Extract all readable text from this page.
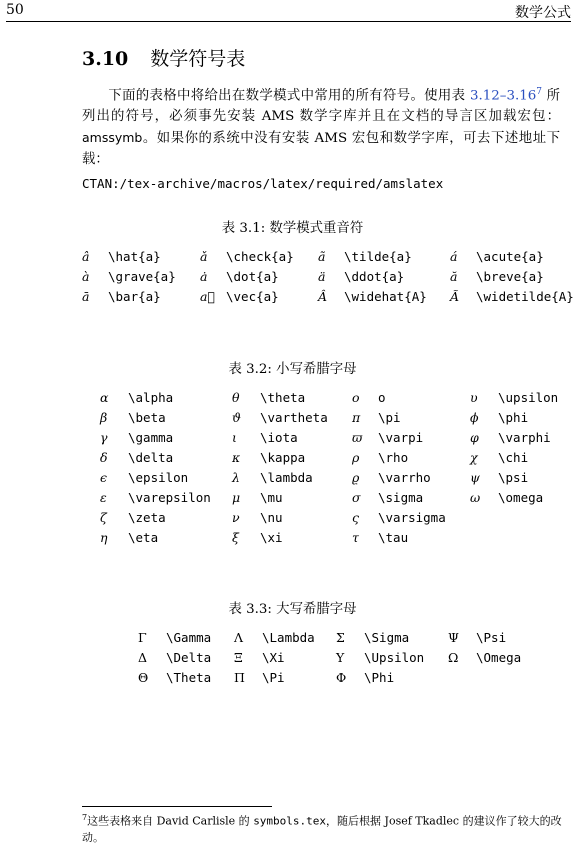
50	数学公式
3.10 数学符号表
下面的表格中将给出在数学模式中常用的所有符号。使用表 3.12–3.16$^7$ 所列出的符号，必须事先安装 AMS 数学字库并且在文档的导言区加载宏包：amssymb。如果你的系统中没有安装 AMS 宏包和数学字库，可去下述地址下载：
CTAN:/tex-archive/macros/latex/required/amslatex
表 3.1: 数学模式重音符
â	\hat{a}	ǎ	\check{a}	ã	\tilde{a}	á	\acute{a}
à	\grave{a}	ȧ	\dot{a}	ä	\ddot{a}	ă	\breve{a}
ā	\bar{a}	a⃗	\vec{a}	Â	\widehat{A}	Ã	\widetilde{A}
表 3.2: 小写希腊字母
α	\alpha	θ	\theta	o	o	υ	\upsilon
β	\beta	ϑ	\vartheta	π	\pi	ϕ	\phi
γ	\gamma	ι	\iota	ϖ	\varpi	φ	\varphi
δ	\delta	κ	\kappa	ρ	\rho	χ	\chi
ϵ	\epsilon	λ	\lambda	ϱ	\varrho	ψ	\psi
ε	\varepsilon	μ	\mu	σ	\sigma	ω	\omega
ζ	\zeta	ν	\nu	ς	\varsigma		
η	\eta	ξ	\xi	τ	\tau		
表 3.3: 大写希腊字母
Γ	\Gamma	Λ	\Lambda	Σ	\Sigma	Ψ	\Psi
Δ	\Delta	Ξ	\Xi	Υ	\Upsilon	Ω	\Omega
Θ	\Theta	Π	\Pi	Φ	\Phi		
$^7$这些表格来自 David Carlisle 的 symbols.tex，随后根据 Josef Tkadlec 的建议作了较大的改动。
